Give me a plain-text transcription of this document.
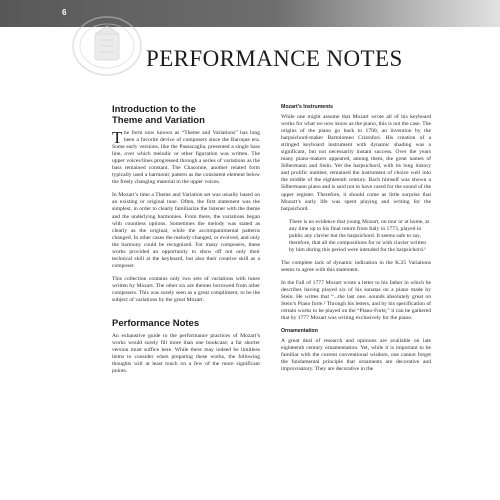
6
PERFORMANCE NOTES
Introduction to the
Theme and Variation

The form now known as “Theme and Variations” has long been a favorite device of composers since the Baroque era. Some early versions, like the Passacaglia, presented a single bass line, over which melodic or other figuration was written. The upper voices/lines progressed through a series of variations as the bass remained constant. The Chaconne, another related form typically used a harmonic pattern as the consistent element below the freely changing material in the upper voices.

In Mozart’s time a Theme and Variation set was usually based on an existing or original tune. Often, the first statement was the simplest, in order to clearly familiarize the listener with the theme and the underlying harmonies. From there, the variations began with countless options. Sometimes the melody was stated as clearly as the original, while the accompanimental patterns changed. In other cases the melody changed, or evolved, and only the harmony could be recognized. For many composers, these works provided an opportunity to show off not only their technical skill at the keyboard, but also their creative skill as a composer.

This collection contains only two sets of variations with tunes written by Mozart. The other six are themes borrowed from other composers. This was surely seen as a great compliment, to be the subject of variations by the great Mozart.

Performance Notes

An exhaustive guide to the performance practices of Mozart’s works would surely fill more than one bookcase; a far shorter version must suffice here. While there may indeed be limitless items to consider when preparing these works, the following thoughts will at least touch on a few of the more significant points.

Mozart’s Instruments

While one might assume that Mozart wrote all of his keyboard works for what we now know as the piano, this is not the case. The origins of the piano go back to 1700, an invention by the harpsichord-maker Bartolomeo Cristofori. His creation of a stringed keyboard instrument with dynamic shading was a significant, but not necessarily instant success. Over the years many piano-makers appeared, among them, the great names of Silbermann and Stein. Yet the harpsichord, with its long history and prolific number, remained the instrument of choice well into the middle of the eighteenth century. Bach himself was shown a Silbermann piano and is said not to have cared for the sound of the upper register. Therefore, it should come as little surprise that Mozart’s early life was spent playing and writing for the harpsichord.

There is no evidence that young Mozart, on tour or at home, at any time up to his final return from Italy in 1773, played in public any clavier but the harpsichord. It seems safe to say, therefore, that all the compositions for or with clavier written by him during this period were intended for the harpsichord.¹

The complete lack of dynamic indication in the K.25 Variations seems to agree with this statement.

In the Fall of 1777 Mozart wrote a letter to his father in which he describes having played six of his sonatas on a piano made by Stein. He writes that “...the last one...sounds absolutely great on Stein’s Piano forte.² Through his letters, and by his specification of certain works to be played on the “Piano-Forte,” it can be gathered that by 1777 Mozart was writing exclusively for the piano.

Ornamentation

A great deal of research and opinions are available on late eighteenth century ornamentation. Yet, while it is important to be familiar with the current conventional wisdom, one cannot forget the fundamental principle that ornaments are decorative and improvisatory. They are decorative in the
